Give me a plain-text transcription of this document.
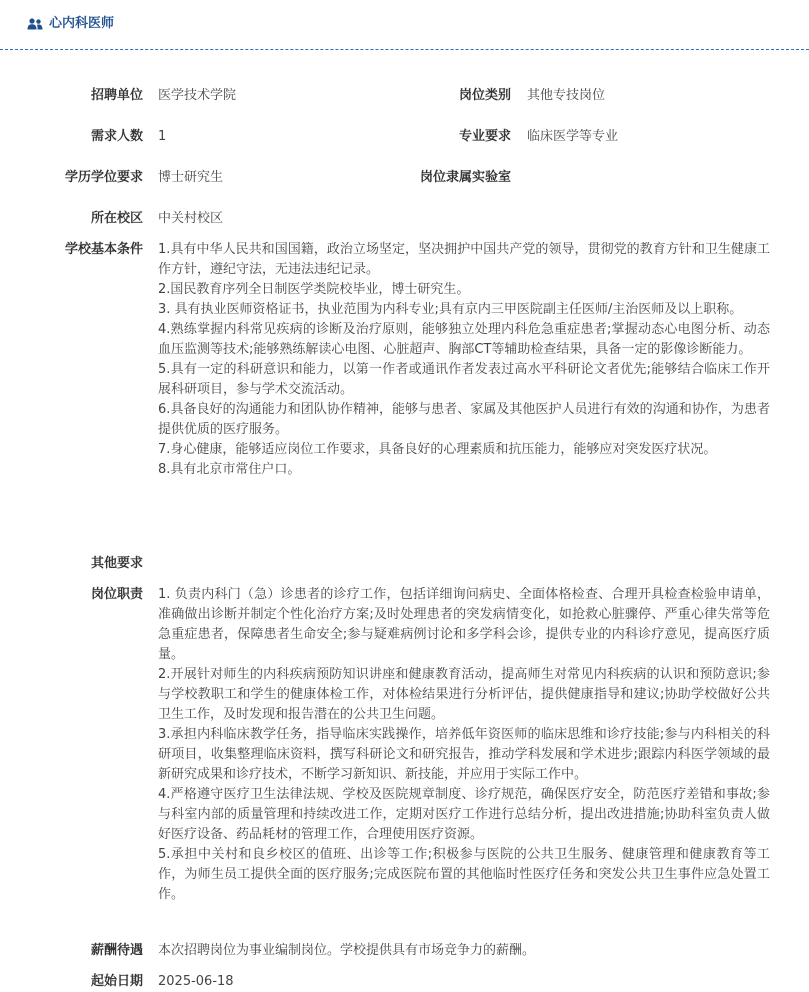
心内科医师
招聘单位 医学技术学院	岗位类别 其他专技岗位
需求人数 1	专业要求 临床医学等专业
学历学位要求 博士研究生	岗位隶属实验室
所在校区 中关村校区
学校基本条件 1.具有中华人民共和国国籍，政治立场坚定，坚决拥护中国共产党的领导，贯彻党的教育方针和卫生健康工作方针，遵纪守法，无违法违纪记录。

2.国民教育序列全日制医学类院校毕业，博士研究生。

3. 具有执业医师资格证书，执业范围为内科专业;具有京内三甲医院副主任医师/主治医师及以上职称。

4.熟练掌握内科常见疾病的诊断及治疗原则，能够独立处理内科危急重症患者;掌握动态心电图分析、动态血压监测等技术;能够熟练解读心电图、心脏超声、胸部CT等辅助检查结果，具备一定的影像诊断能力。

5.具有一定的科研意识和能力，以第一作者或通讯作者发表过高水平科研论文者优先;能够结合临床工作开展科研项目，参与学术交流活动。

6.具备良好的沟通能力和团队协作精神，能够与患者、家属及其他医护人员进行有效的沟通和协作，为患者提供优质的医疗服务。

7.身心健康，能够适应岗位工作要求，具备良好的心理素质和抗压能力，能够应对突发医疗状况。

8.具有北京市常住户口。

其他要求
岗位职责 1. 负责内科门（急）诊患者的诊疗工作，包括详细询问病史、全面体格检查、合理开具检查检验申请单，准确做出诊断并制定个性化治疗方案;及时处理患者的突发病情变化，如抢救心脏骤停、严重心律失常等危急重症患者，保障患者生命安全;参与疑难病例讨论和多学科会诊，提供专业的内科诊疗意见，提高医疗质量。

2.开展针对师生的内科疾病预防知识讲座和健康教育活动，提高师生对常见内科疾病的认识和预防意识;参与学校教职工和学生的健康体检工作，对体检结果进行分析评估，提供健康指导和建议;协助学校做好公共卫生工作，及时发现和报告潜在的公共卫生问题。

3.承担内科临床教学任务，指导临床实践操作，培养低年资医师的临床思维和诊疗技能;参与内科相关的科研项目，收集整理临床资料，撰写科研论文和研究报告，推动学科发展和学术进步;跟踪内科医学领域的最新研究成果和诊疗技术，不断学习新知识、新技能，并应用于实际工作中。

4.严格遵守医疗卫生法律法规、学校及医院规章制度、诊疗规范，确保医疗安全，防范医疗差错和事故;参与科室内部的质量管理和持续改进工作，定期对医疗工作进行总结分析，提出改进措施;协助科室负责人做好医疗设备、药品耗材的管理工作，合理使用医疗资源。

5.承担中关村和良乡校区的值班、出诊等工作;积极参与医院的公共卫生服务、健康管理和健康教育等工作，为师生员工提供全面的医疗服务;完成医院布置的其他临时性医疗任务和突发公共卫生事件应急处置工作。

薪酬待遇 本次招聘岗位为事业编制岗位。学校提供具有市场竞争力的薪酬。
起始日期 2025-06-18
